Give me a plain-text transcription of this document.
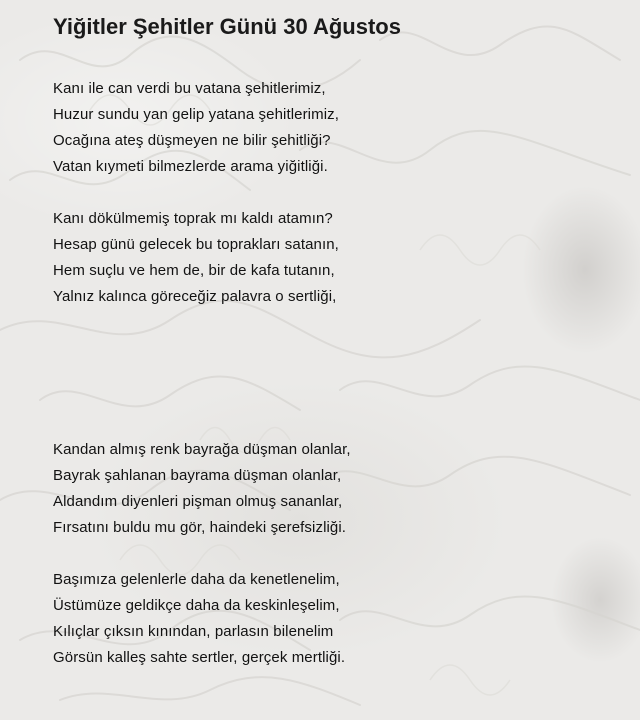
Yiğitler Şehitler Günü 30 Ağustos
Kanı ile can verdi bu vatana şehitlerimiz,
Huzur sundu yan gelip yatana şehitlerimiz,
Ocağına ateş düşmeyen ne bilir şehitliği?
Vatan kıymeti bilmezlerde arama yiğitliği.
Kanı dökülmemiş toprak mı kaldı atamın?
Hesap günü gelecek bu toprakları satanın,
Hem suçlu ve hem de, bir de kafa tutanın,
Yalnız kalınca göreceğiz palavra o sertliği,
Kandan almış renk bayrağa düşman olanlar,
Bayrak şahlanan bayrama düşman olanlar,
Aldandım diyenleri pişman olmuş sananlar,
Fırsatını buldu mu gör, haindeki şerefsizliği.
Başımıza gelenlerle daha da kenetlenelim,
Üstümüze geldikçe daha da keskinleşelim,
Kılıçlar çıksın kınından, parlasın bilenelim
Görsün kalleş sahte sertler, gerçek mertliği.
